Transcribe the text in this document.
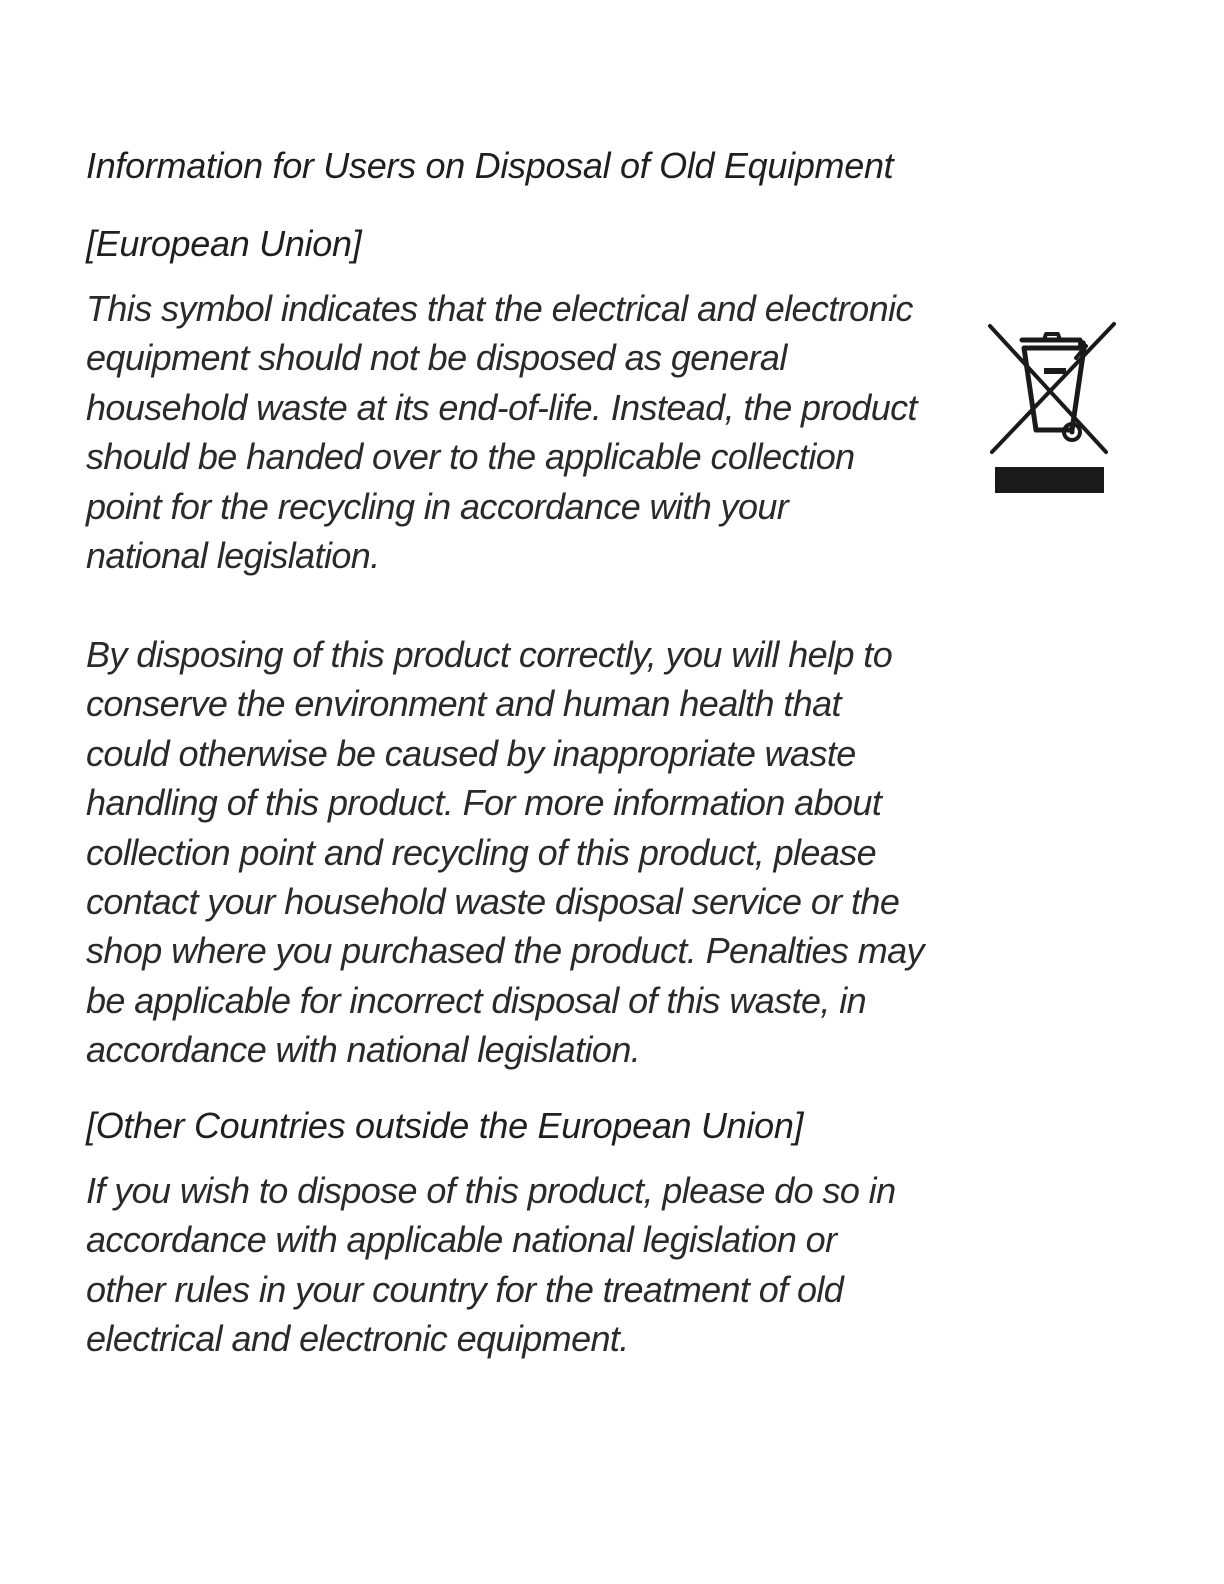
Information for Users on Disposal of Old Equipment
[European Union]

This symbol indicates that the electrical and electronic
equipment should not be disposed as general
household waste at its end-of-life. Instead, the product
should be handed over to the applicable collection
point for the recycling in accordance with your
national legislation.

By disposing of this product correctly, you will help to
conserve the environment and human health that
could otherwise be caused by inappropriate waste
handling of this product. For more information about
collection point and recycling of this product, please
contact your household waste disposal service or the
shop where you purchased the product. Penalties may
be applicable for incorrect disposal of this waste, in
accordance with national legislation.

[Other Countries outside the European Union]

If you wish to dispose of this product, please do so in
accordance with applicable national legislation or
other rules in your country for the treatment of old
electrical and electronic equipment.
